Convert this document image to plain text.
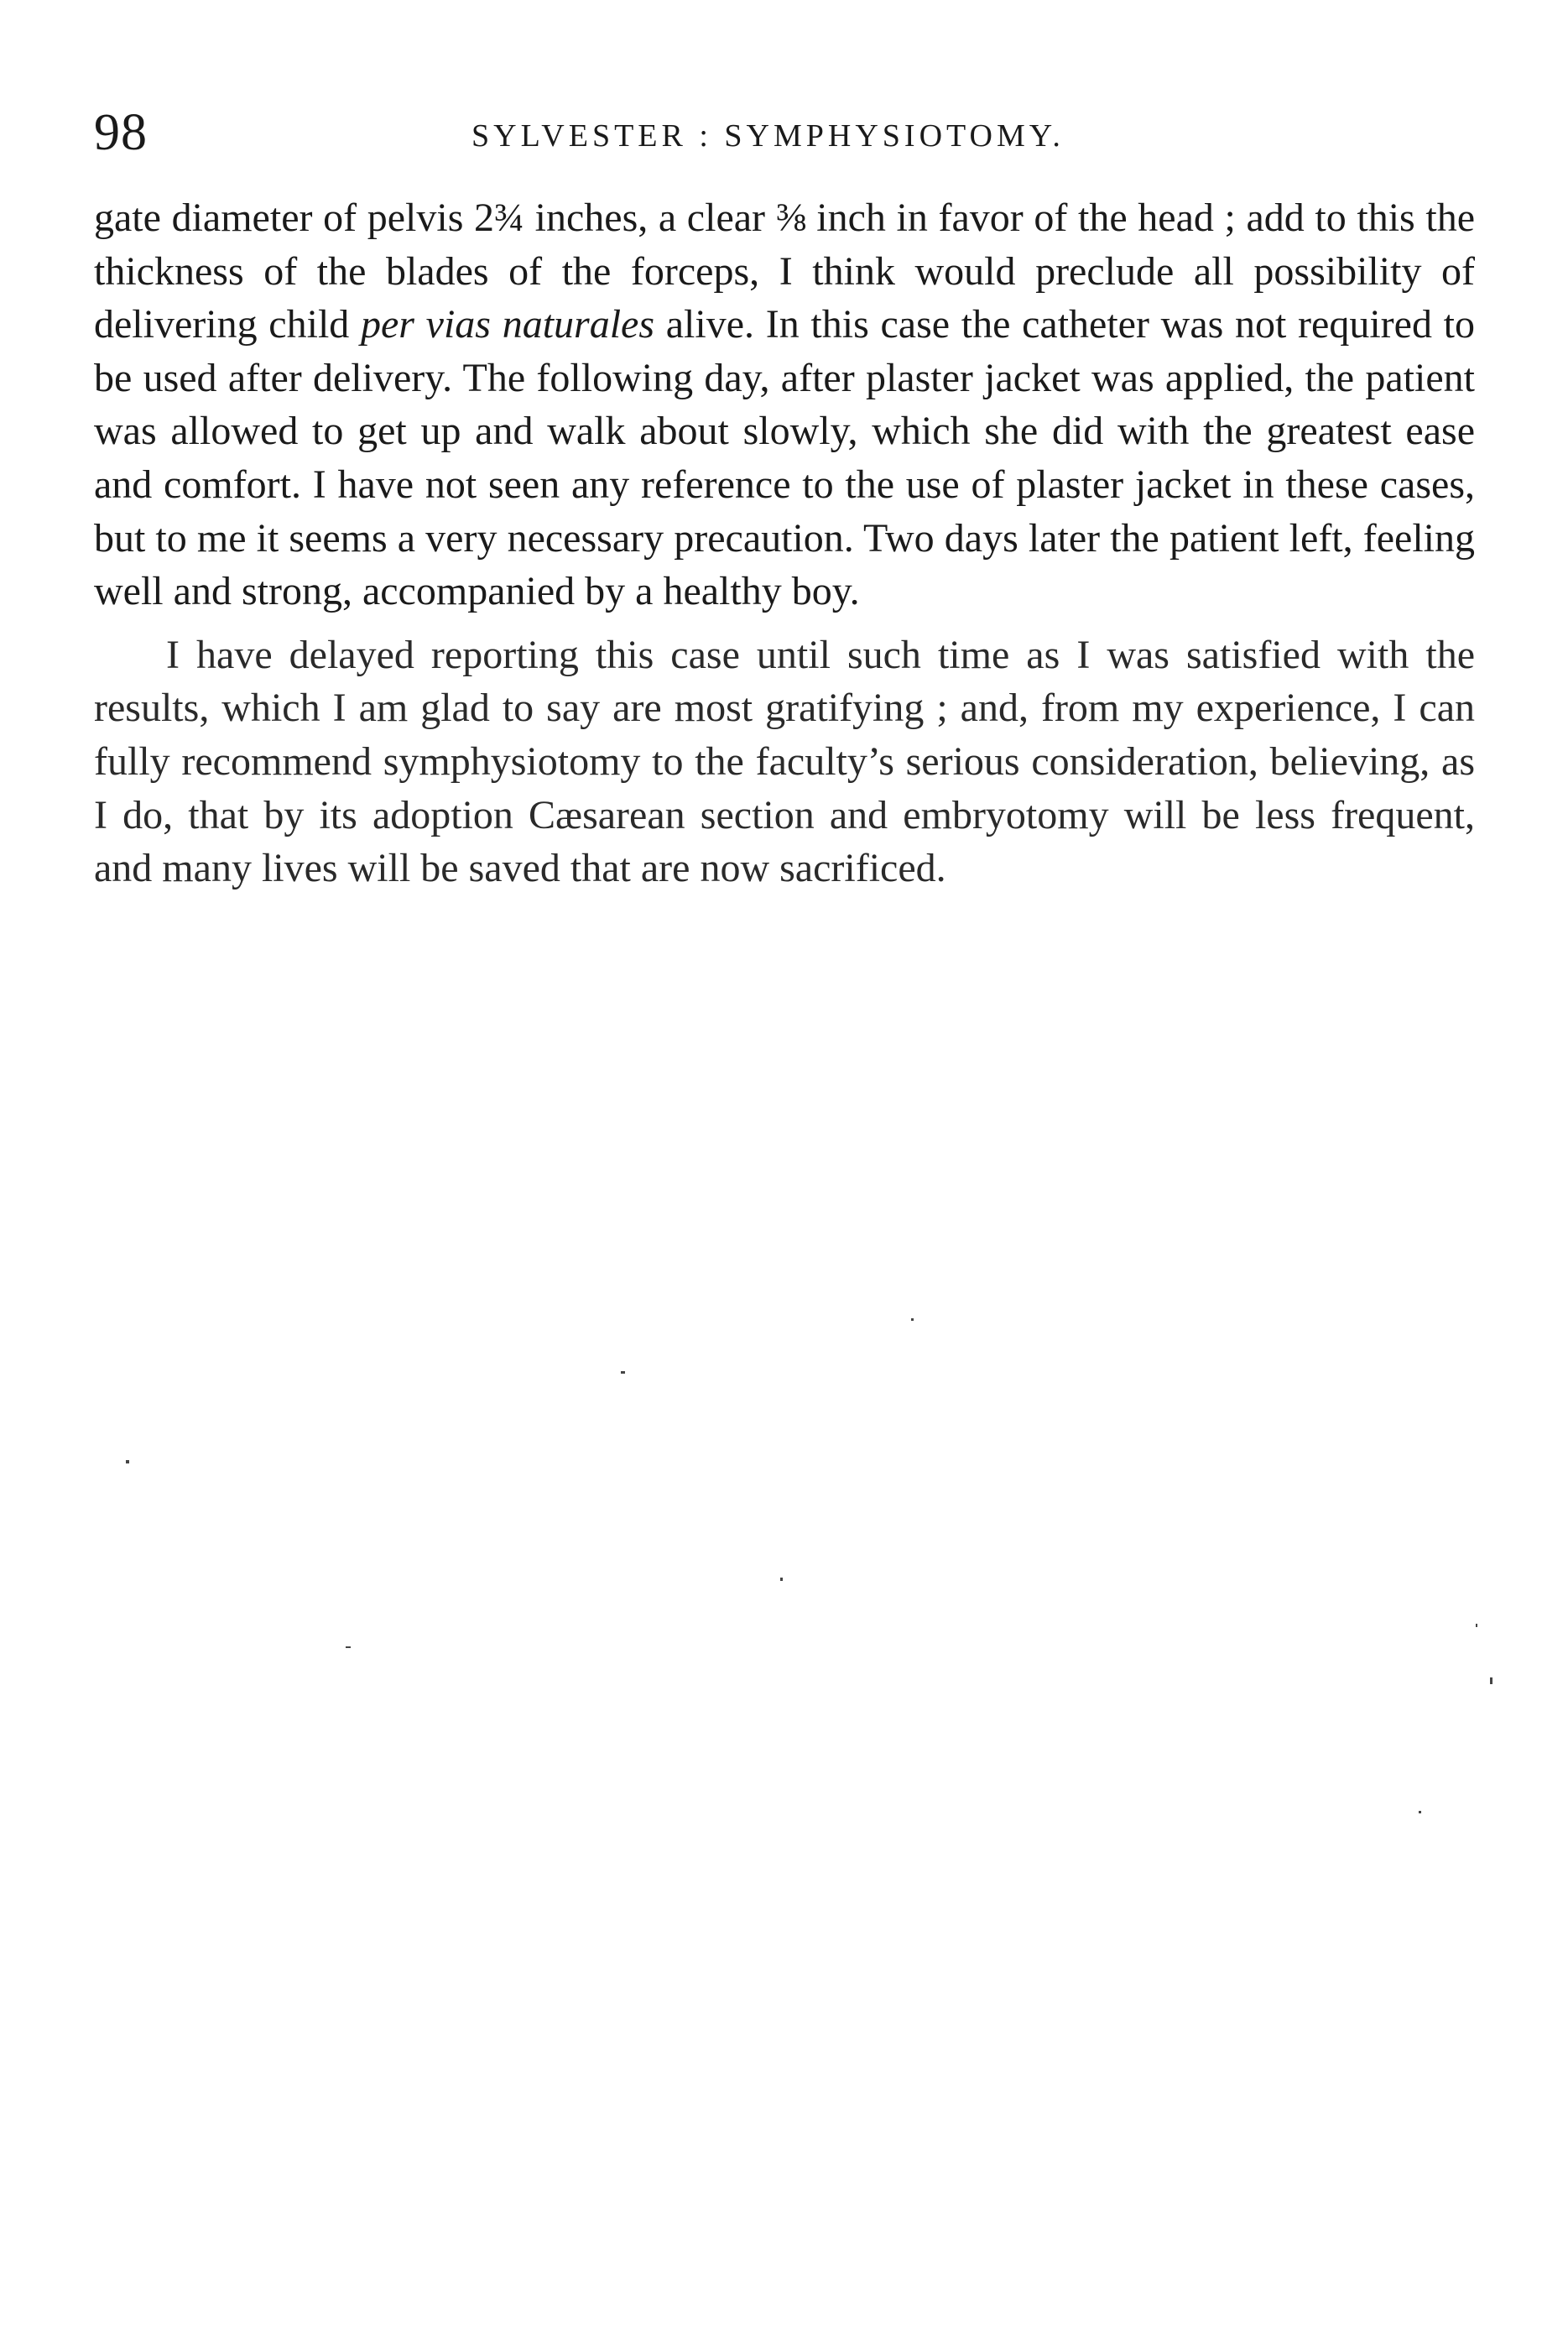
98	SYLVESTER : SYMPHYSIOTOMY.

gate diameter of pelvis 2¾ inches, a clear ⅜ inch in favor of the head ; add to this the thickness of the blades of the forceps, I think would preclude all possibility of delivering child per vias naturales alive. In this case the catheter was not required to be used after delivery. The following day, after plaster jacket was applied, the patient was allowed to get up and walk about slowly, which she did with the greatest ease and comfort. I have not seen any reference to the use of plaster jacket in these cases, but to me it seems a very necessary precaution. Two days later the patient left, feeling well and strong, accompanied by a healthy boy.

I have delayed reporting this case until such time as I was satisfied with the results, which I am glad to say are most gratifying ; and, from my experience, I can fully recommend symphysiotomy to the faculty’s serious consideration, believing, as I do, that by its adoption Cæsarean section and embryotomy will be less frequent, and many lives will be saved that are now sacrificed.
